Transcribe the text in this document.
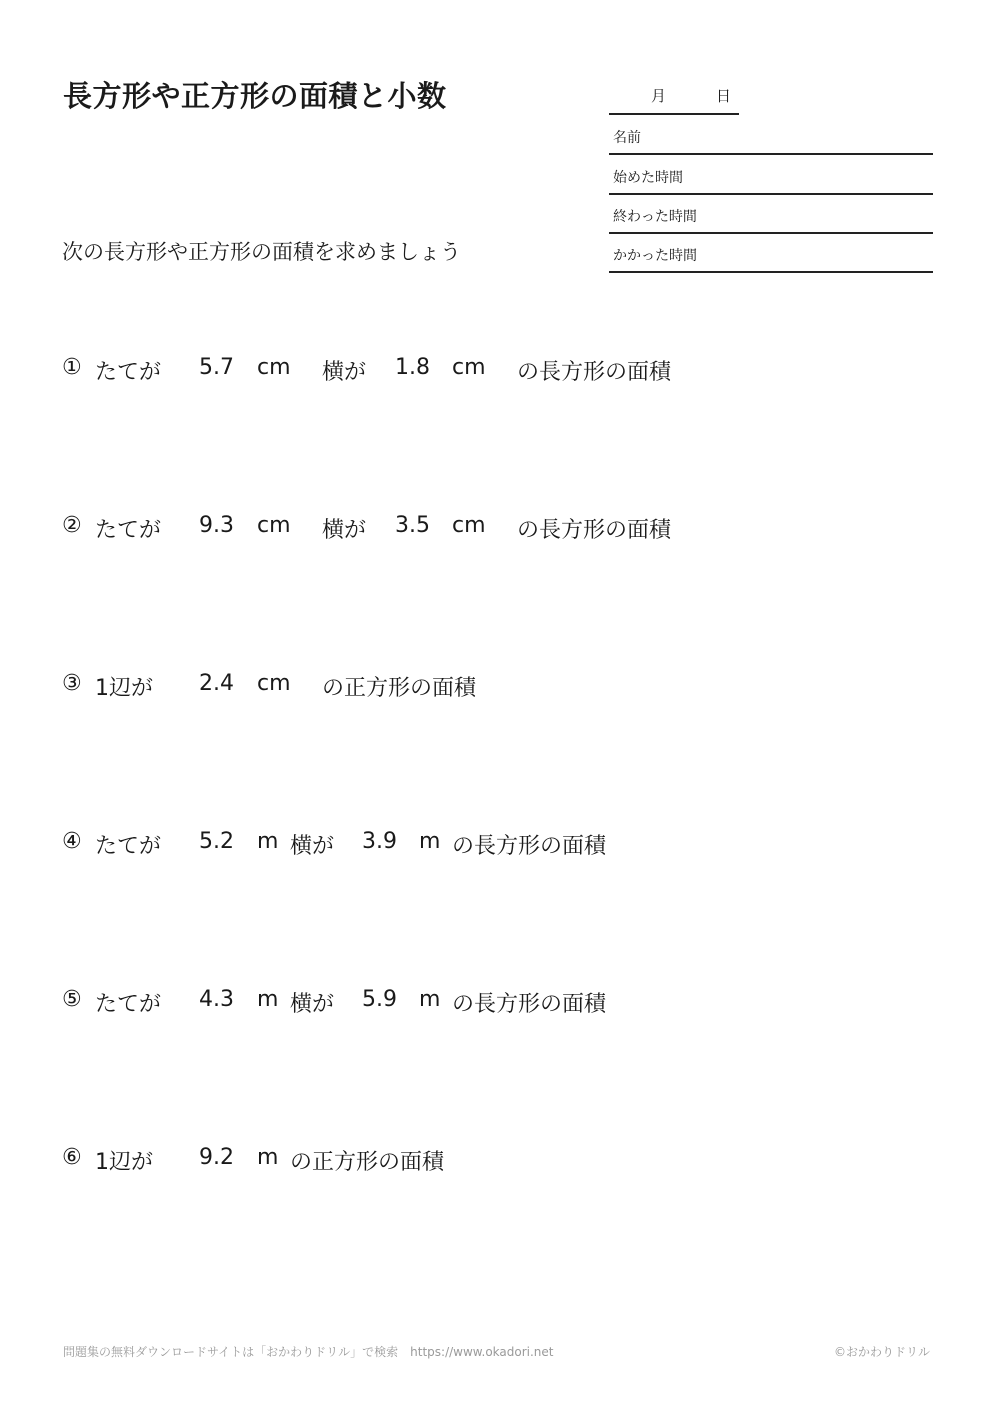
長方形や正方形の面積と小数	月	日
名前
始めた時間
終わった時間
かかった時間
次の長方形や正方形の面積を求めましょう
① たてが 5.7 cm 横が 1.8 cm の長方形の面積
② たてが 9.3 cm 横が 3.5 cm の長方形の面積
③ 1辺が 2.4 cm の正方形の面積
④ たてが 5.2 m 横が 3.9 m の長方形の面積
⑤ たてが 4.3 m 横が 5.9 m の長方形の面積
⑥ 1辺が 9.2 m の正方形の面積
問題集の無料ダウンロードサイトは「おかわりドリル」で検索　https://www.okadori.net	©おかわりドリル
